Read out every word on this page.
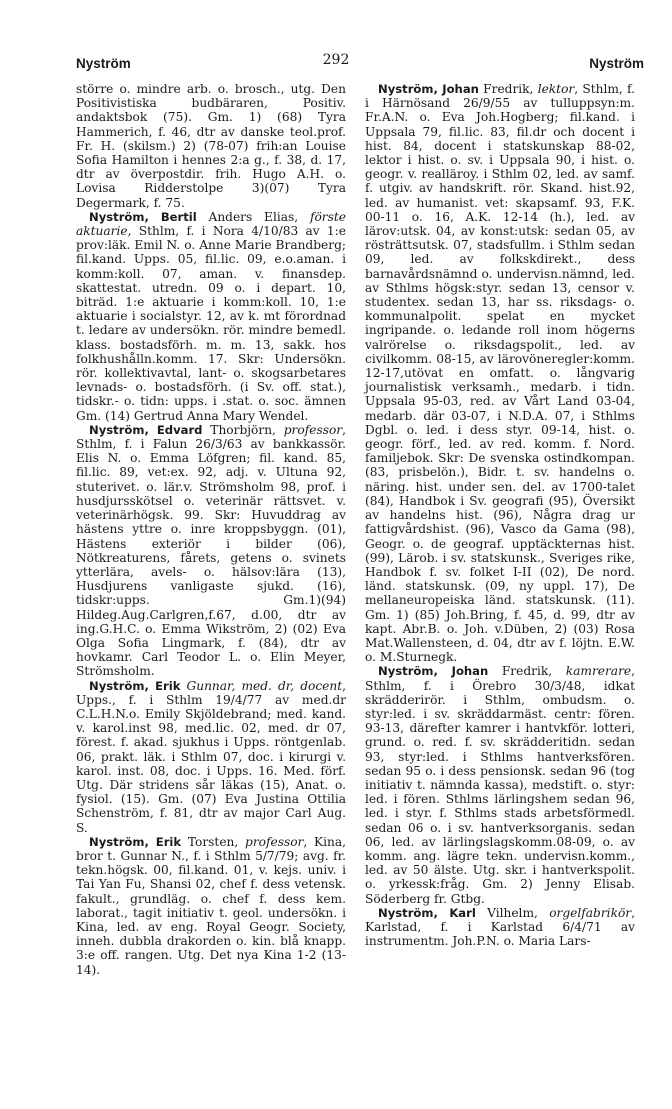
Nyström	292	Nyström

större o. mindre arb. o. brosch., utg. Den Positivistiska budbäraren, Positiv. andaktsbok (75). Gm. 1) (68) Tyra Hammerich, f. 46, dtr av danske teol.prof. Fr. H. (skilsm.) 2) (78-07) frih:an Louise Sofia Hamilton i hennes 2:a g., f. 38, d. 17, dtr av överpostdir. frih. Hugo A.H. o. Lovisa Ridderstolpe 3)(07) Tyra Degermark, f. 75.

Nyström, Bertil Anders Elias, förste aktuarie, Sthlm, f. i Nora 4/10/83 av 1:e prov:läk. Emil N. o. Anne Marie Brandberg; fil.kand. Upps. 05, fil.lic. 09, e.o.aman. i komm:koll. 07, aman. v. finansdep. skattestat. utredn. 09 o. i depart. 10, biträd. 1:e aktuarie i komm:koll. 10, 1:e aktuarie i socialstyr. 12, av k. mt förordnad t. ledare av undersökn. rör. mindre bemedl. klass. bostadsförh. m. m. 13, sakk. hos folkhushålln.komm. 17. Skr: Undersökn. rör. kollektivavtal, lant- o. skogsarbetares levnads- o. bostadsförh. (i Sv. off. stat.), tidskr.- o. tidn: upps. i .stat. o. soc. ämnen Gm. (14) Gertrud Anna Mary Wendel.

Nyström, Edvard Thorbjörn, professor, Sthlm, f. i Falun 26/3/63 av bankkassör. Elis N. o. Emma Löfgren; fil. kand. 85, fil.lic. 89, vet:ex. 92, adj. v. Ultuna 92, stuterivet. o. lär.v. Strömsholm 98, prof. i husdjursskötsel o. veterinär rättsvet. v. veterinärhögsk. 99. Skr: Huvuddrag av hästens yttre o. inre kroppsbyggn. (01), Hästens exteriör i bilder (06), Nötkreaturens, fårets, getens o. svinets ytterlära, avels- o. hälsov:lära (13), Husdjurens vanligaste sjukd. (16), tidskr:upps. Gm.1)(94) Hildeg.Aug.Carlgren,f.67, d.00, dtr av ing.G.H.C. o. Emma Wikström, 2) (02) Eva Olga Sofia Lingmark, f. (84), dtr av hovkamr. Carl Teodor L. o. Elin Meyer, Strömsholm.

Nyström, Erik Gunnar, med. dr, docent, Upps., f. i Sthlm 19/4/77 av med.dr C.L.H.N.o. Emily Skjöldebrand; med. kand. v. karol.inst 98, med.lic. 02, med. dr 07, förest. f. akad. sjukhus i Upps. röntgenlab. 06, prakt. läk. i Sthlm 07, doc. i kirurgi v. karol. inst. 08, doc. i Upps. 16. Med. förf. Utg. Där stridens sår läkas (15), Anat. o. fysiol. (15). Gm. (07) Eva Justina Ottilia Schenström, f. 81, dtr av major Carl Aug. S.

Nyström, Erik Torsten, professor, Kina, bror t. Gunnar N., f. i Sthlm 5/7/79; avg. fr. tekn.högsk. 00, fil.kand. 01, v. kejs. univ. i Tai Yan Fu, Shansi 02, chef f. dess vetensk. fakult., grundläg. o. chef f. dess kem. laborat., tagit initiativ t. geol. undersökn. i Kina, led. av eng. Royal Geogr. Society, inneh. dubbla drakorden o. kin. blå knapp. 3:e off. rangen. Utg. Det nya Kina 1-2 (13-14).

Nyström, Johan Fredrik, lektor, Sthlm, f. i Härnösand 26/9/55 av tulluppsyn:m. Fr.A.N. o. Eva Joh.Hogberg; fil.kand. i Uppsala 79, fil.lic. 83, fil.dr och docent i hist. 84, docent i statskunskap 88-02, lektor i hist. o. sv. i Uppsala 90, i hist. o. geogr. v. realläroy. i Sthlm 02, led. av samf. f. utgiv. av handskrift. rör. Skand. hist.92, led. av humanist. vet: skapsamf. 93, F.K. 00-11 o. 16, A.K. 12-14 (h.), led. av lärov:utsk. 04, av konst:utsk: sedan 05, av rösträttsutsk. 07, stadsfullm. i Sthlm sedan 09, led. av folkskdirekt., dess barnavårdsnämnd o. undervisn.nämnd, led. av Sthlms högsk:styr. sedan 13, censor v. studentex. sedan 13, har ss. riksdags- o. kommunalpolit. spelat en mycket ingripande. o. ledande roll inom högerns valrörelse o. riksdagspolit., led. av civilkomm. 08-15, av lärovöneregler:komm. 12-17,utövat en omfatt. o. långvarig journalistisk verksamh., medarb. i tidn. Uppsala 95-03, red. av Vårt Land 03-04, medarb. där 03-07, i N.D.A. 07, i Sthlms Dgbl. o. led. i dess styr. 09-14, hist. o. geogr. förf., led. av red. komm. f. Nord. familjebok. Skr: De svenska ostindkompan. (83, prisbelön.), Bidr. t. sv. handelns o. näring. hist. under sen. del. av 1700-talet (84), Handbok i Sv. geografi (95), Översikt av handelns hist. (96), Några drag ur fattigvårdshist. (96), Vasco da Gama (98), Geogr. o. de geograf. upptäckternas hist. (99), Lärob. i sv. statskunsk., Sveriges rike, Handbok f. sv. folket I-II (02), De nord. länd. statskunsk. (09, ny uppl. 17), De mellaneuropeiska länd. statskunsk. (11). Gm. 1) (85) Joh.Bring, f. 45, d. 99, dtr av kapt. Abr.B. o. Joh. v.Düben, 2) (03) Rosa Mat.Wallensteen, d. 04, dtr av f. löjtn. E.W. o. M.Sturnegk.

Nyström, Johan Fredrik, kamrerare, Sthlm, f. i Örebro 30/3/48, idkat skrädderirör. i Sthlm, ombudsm. o. styr:led. i sv. skräddarmäst. centr: fören. 93-13, därefter kamrer i hantvkför. lotteri, grund. o. red. f. sv. skrädderitidn. sedan 93, styr:led. i Sthlms hantverksfören. sedan 95 o. i dess pensionsk. sedan 96 (tog initiativ t. nämnda kassa), medstift. o. styr: led. i fören. Sthlms lärlingshem sedan 96, led. i styr. f. Sthlms stads arbetsförmedl. sedan 06 o. i sv. hantverksorganis. sedan 06, led. av lärlingslagskomm.08-09, o. av komm. ang. lägre tekn. undervisn.komm., led. av 50 älste. Utg. skr. i hantverkspolit. o. yrkessk:fråg. Gm. 2) Jenny Elisab. Söderberg fr. Gtbg.

Nyström, Karl Vilhelm, orgelfabrikör, Karlstad, f. i Karlstad 6/4/71 av instrumentm. Joh.P.N. o. Maria Lars-
